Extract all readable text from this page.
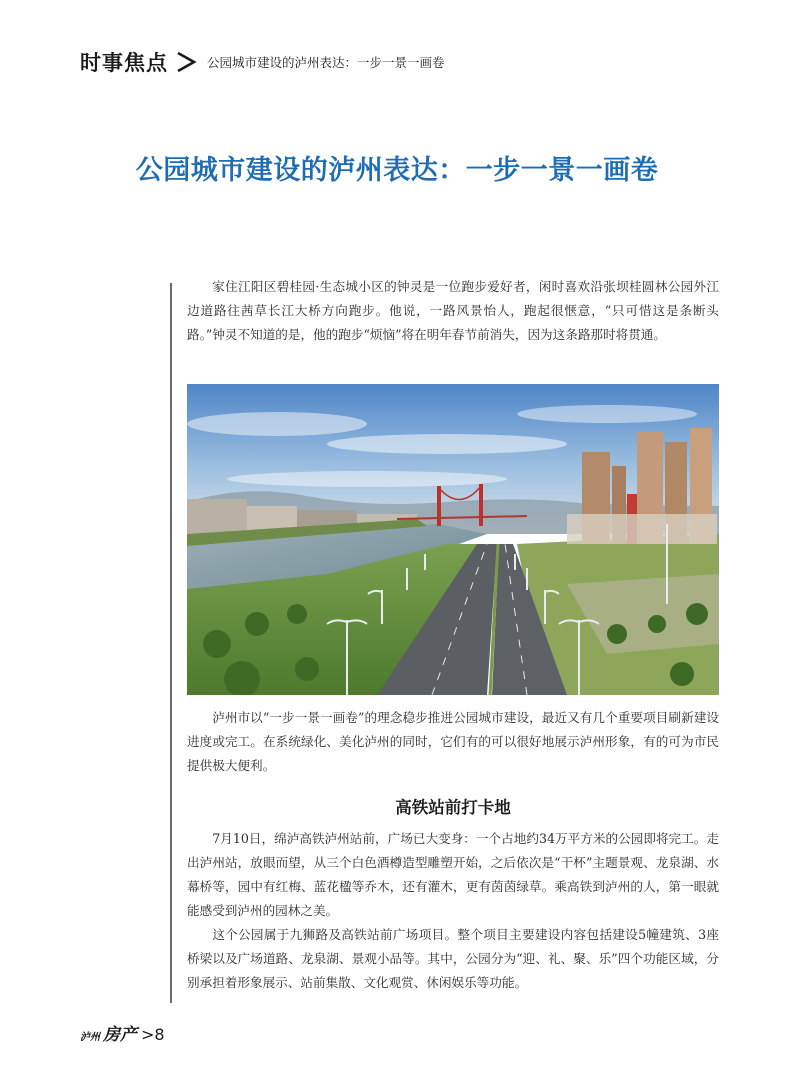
时事焦点	公园城市建设的泸州表达：一步一景一画卷
公园城市建设的泸州表达：一步一景一画卷

家住江阳区碧桂园·生态城小区的钟灵是一位跑步爱好者，闲时喜欢沿张坝桂圆林公园外江边道路往茜草长江大桥方向跑步。他说，一路风景怡人，跑起很惬意，“只可惜这是条断头路。”钟灵不知道的是，他的跑步“烦恼”将在明年春节前消失，因为这条路那时将贯通。

泸州市以“一步一景一画卷”的理念稳步推进公园城市建设，最近又有几个重要项目刷新建设进度或完工。在系统绿化、美化泸州的同时，它们有的可以很好地展示泸州形象，有的可为市民提供极大便利。

高铁站前打卡地

7月10日，绵泸高铁泸州站前，广场已大变身：一个占地约34万平方米的公园即将完工。走出泸州站，放眼而望，从三个白色酒樽造型雕塑开始，之后依次是“干杯”主题景观、龙泉湖、水幕桥等，园中有红梅、蓝花楹等乔木，还有灌木，更有茵茵绿草。乘高铁到泸州的人，第一眼就能感受到泸州的园林之美。

这个公园属于九狮路及高铁站前广场项目。整个项目主要建设内容包括建设5幢建筑、3座桥梁以及广场道路、龙泉湖、景观小品等。其中，公园分为“迎、礼、聚、乐”四个功能区域，分别承担着形象展示、站前集散、文化观赏、休闲娱乐等功能。

泸州 房产 >8
